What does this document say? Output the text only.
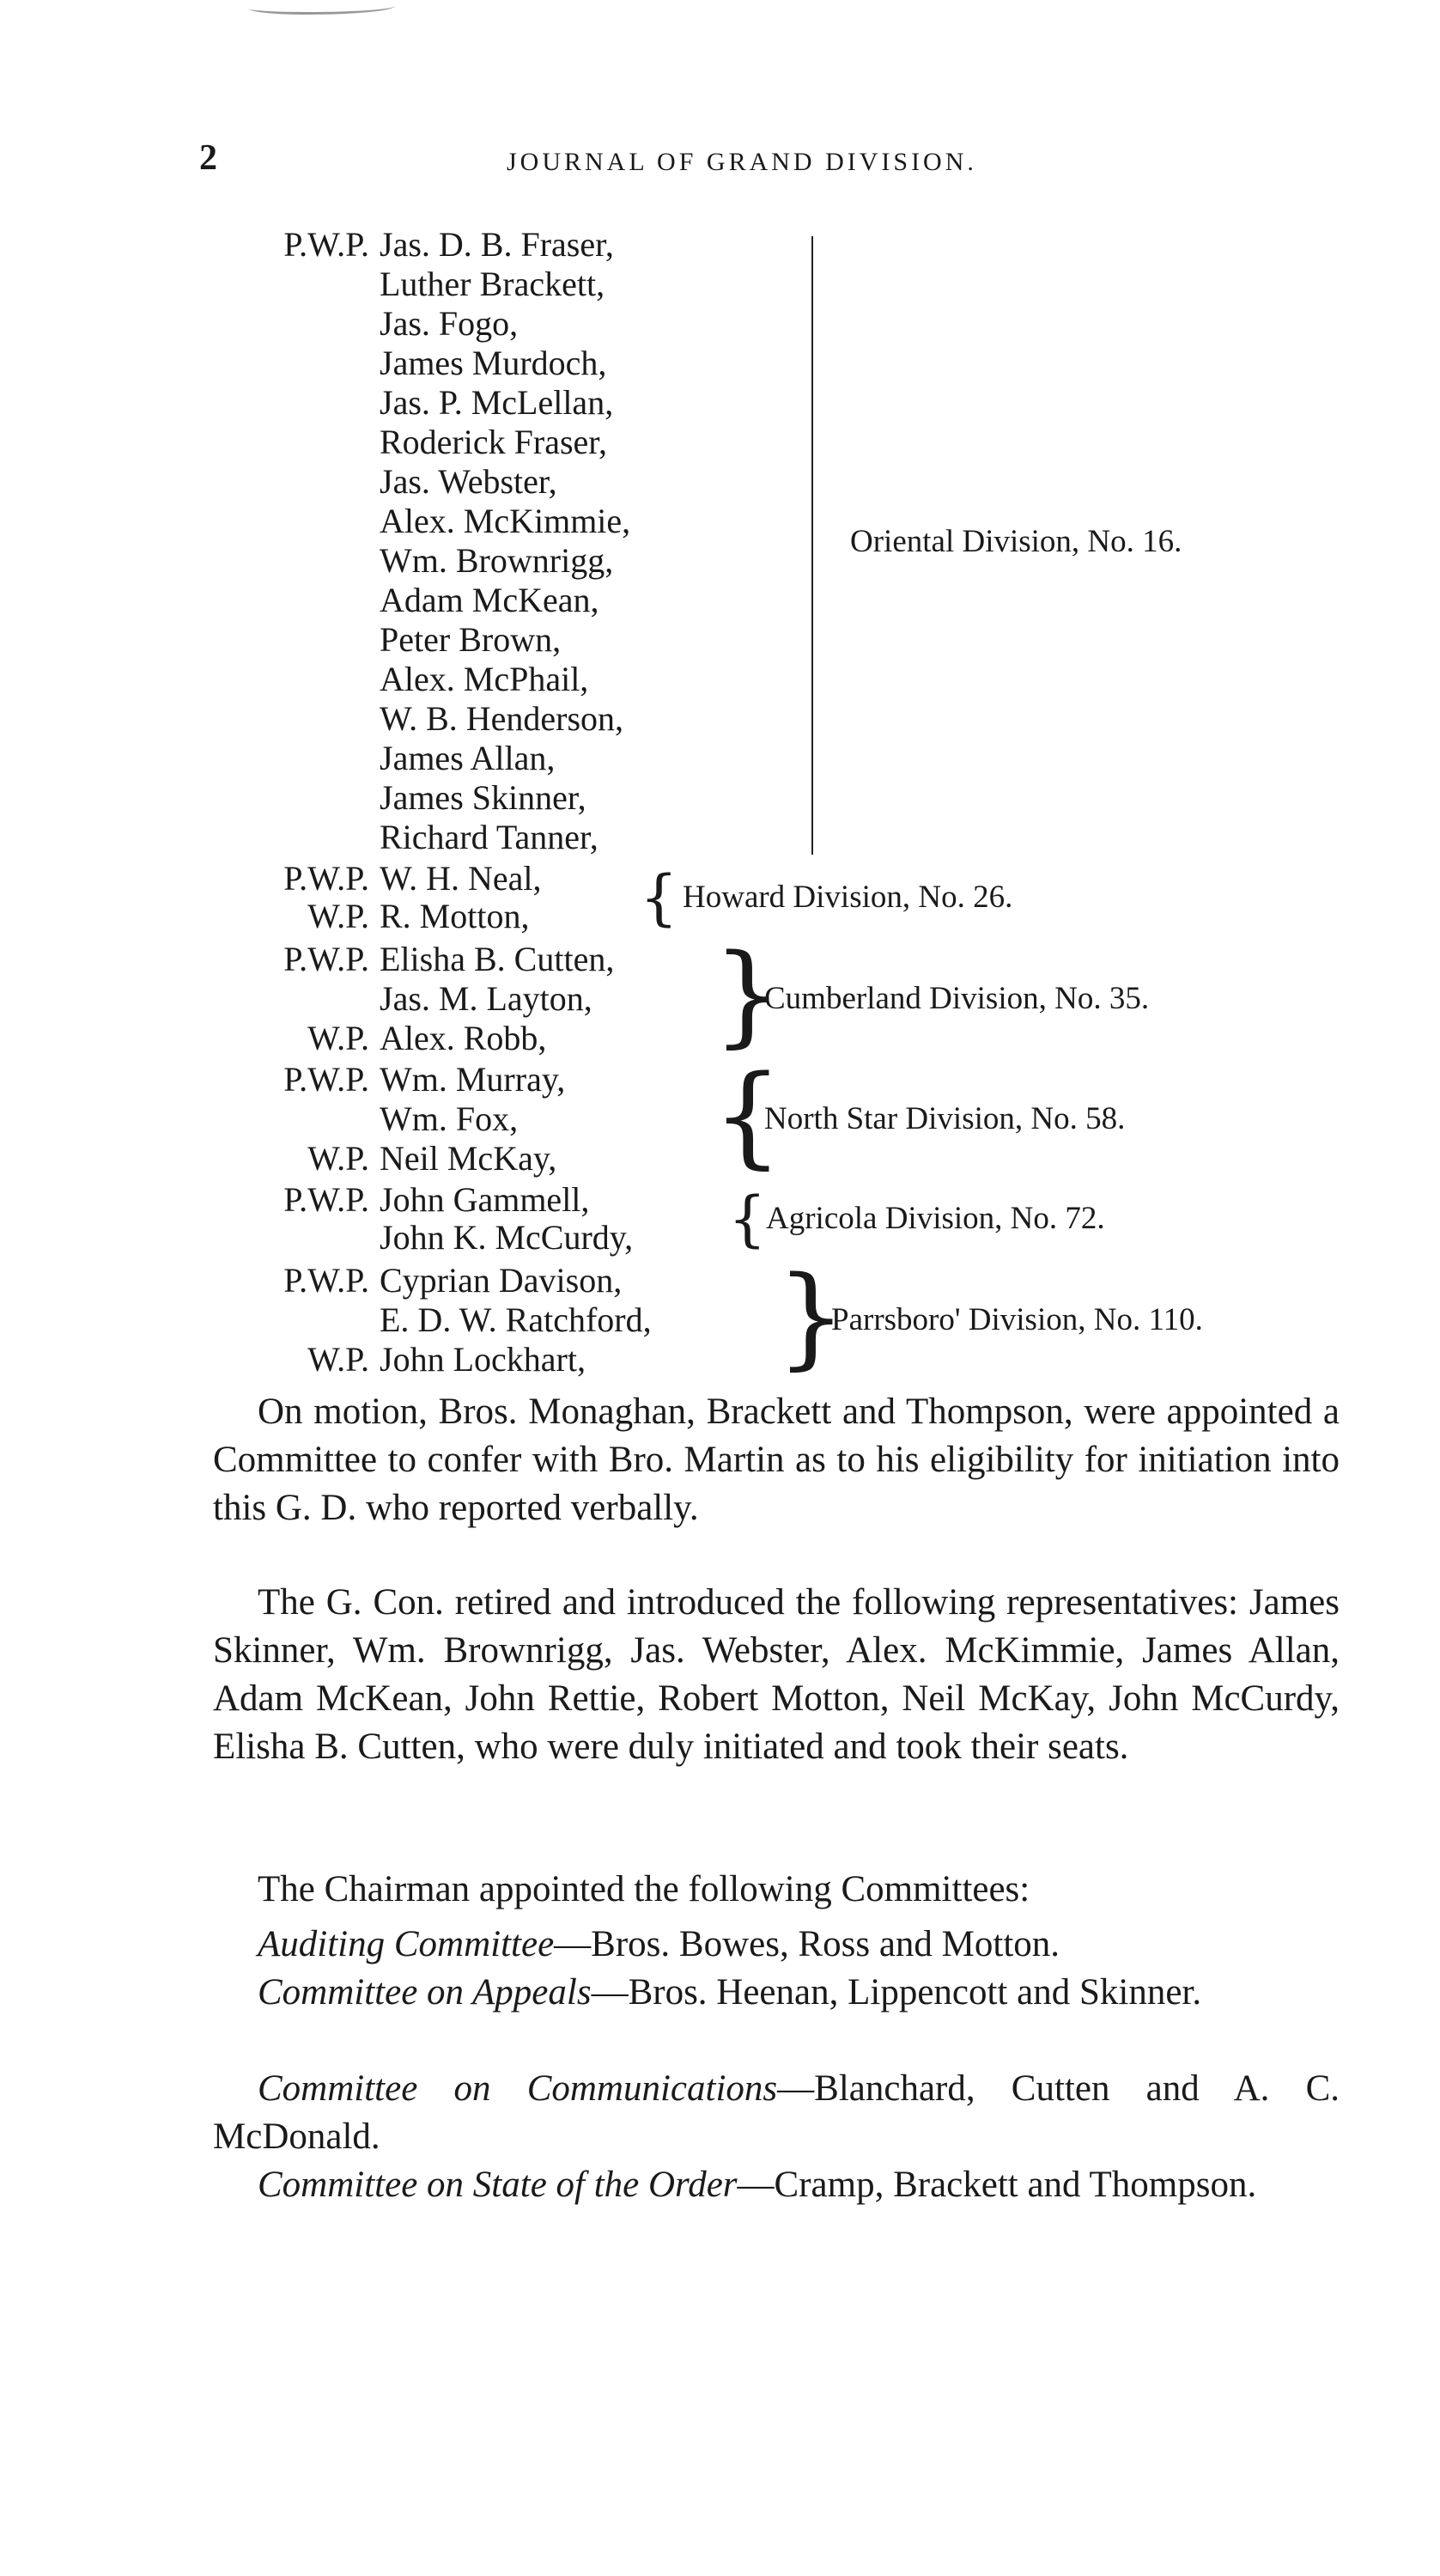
2	JOURNAL OF GRAND DIVISION.
P.W.P. Jas. D. B. Fraser,
Luther Brackett,
Jas. Fogo,
James Murdoch,
Jas. P. McLellan,
Roderick Fraser,
Jas. Webster,
Alex. McKimmie,
Wm. Brownrigg,
Adam McKean,
Peter Brown,
Alex. McPhail,
W. B. Henderson,
James Allan,
James Skinner,
Richard Tanner,
Oriental Division, No. 16.
P.W.P. W. H. Neal,
W.P. R. Motton, { Howard Division, No. 26.
P.W.P. Elisha B. Cutten,
Jas. M. Layton,
W.P. Alex. Robb, }
Cumberland Division, No. 35.
P.W.P. Wm. Murray,
Wm. Fox,
W.P. Neil McKay, {
North Star Division, No. 58.
P.W.P. John Gammell,
John K. McCurdy, { Agricola Division, No. 72.
P.W.P. Cyprian Davison,
E. D. W. Ratchford,
W.P. John Lockhart, }
Parrsboro' Division, No. 110.
On motion, Bros. Monaghan, Brackett and Thompson, were appointed a Committee to confer with Bro. Martin as to his eligibility for initiation into this G. D. who reported verbally.
The G. Con. retired and introduced the following representatives: James Skinner, Wm. Brownrigg, Jas. Webster, Alex. McKimmie, James Allan, Adam McKean, John Rettie, Robert Motton, Neil McKay, John McCurdy, Elisha B. Cutten, who were duly initiated and took their seats.
The Chairman appointed the following Committees:
Auditing Committee—Bros. Bowes, Ross and Motton.
Committee on Appeals—Bros. Heenan, Lippencott and Skinner.
Committee on Communications—Blanchard, Cutten and A. C. McDonald.
Committee on State of the Order—Cramp, Brackett and Thompson.
